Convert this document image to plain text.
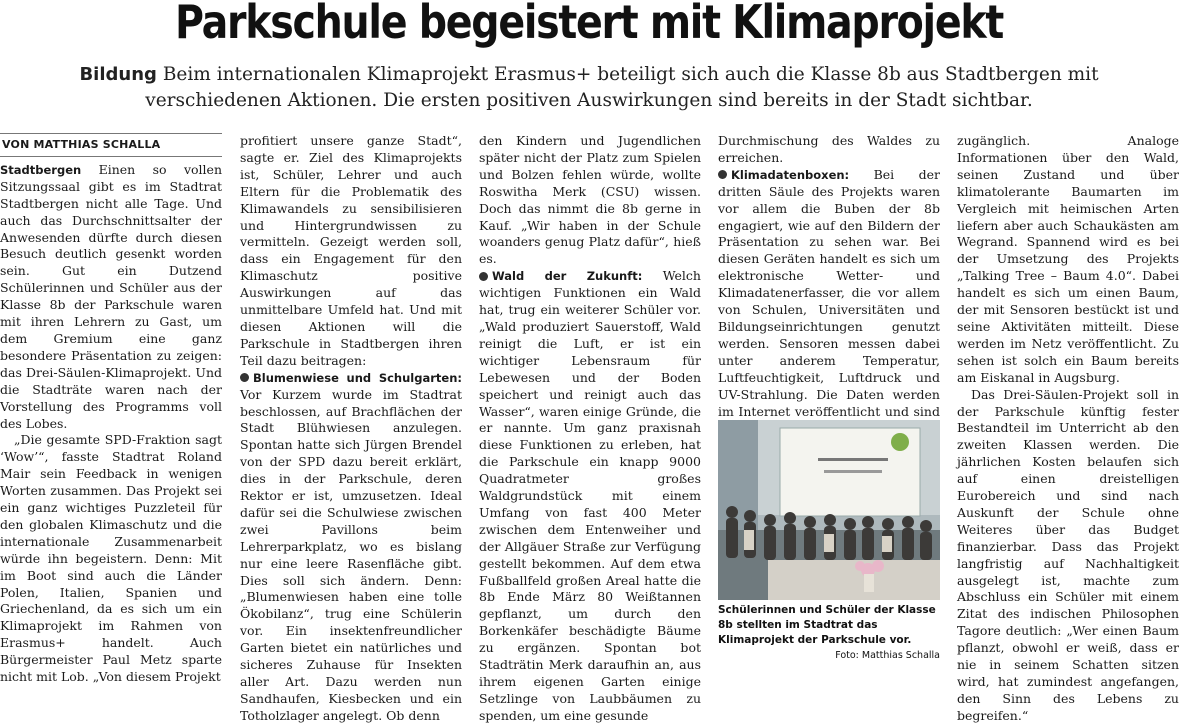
Parkschule begeistert mit Klimaprojekt
Bildung Beim internationalen Klimaprojekt Erasmus+ beteiligt sich auch die Klasse 8b aus Stadtbergen mit verschiedenen Aktionen. Die ersten positiven Auswirkungen sind bereits in der Stadt sichtbar.
VON MATTHIAS SCHALLA

Stadtbergen Einen so vollen Sitzungssaal gibt es im Stadtrat Stadtbergen nicht alle Tage. Und auch das Durchschnittsalter der Anwesenden dürfte durch diesen Besuch deutlich gesenkt worden sein. Gut ein Dutzend Schülerinnen und Schüler aus der Klasse 8b der Parkschule waren mit ihren Lehrern zu Gast, um dem Gremium eine ganz besondere Präsentation zu zeigen: das Drei-Säulen-Klimaprojekt. Und die Stadträte waren nach der Vorstellung des Programms voll des Lobes.

„Die gesamte SPD-Fraktion sagt ‘Wow’“, fasste Stadtrat Roland Mair sein Feedback in wenigen Worten zusammen. Das Projekt sei ein ganz wichtiges Puzzleteil für den globalen Klimaschutz und die internationale Zusammenarbeit würde ihn begeistern. Denn: Mit im Boot sind auch die Länder Polen, Italien, Spanien und Griechenland, da es sich um ein Klimaprojekt im Rahmen von Erasmus+ handelt. Auch Bürgermeister Paul Metz sparte nicht mit Lob. „Von diesem Projekt

profitiert unsere ganze Stadt“, sagte er. Ziel des Klimaprojekts ist, Schüler, Lehrer und auch Eltern für die Problematik des Klimawandels zu sensibilisieren und Hintergrundwissen zu vermitteln. Gezeigt werden soll, dass ein Engagement für den Klimaschutz positive Auswirkungen auf das unmittelbare Umfeld hat. Und mit diesen Aktionen will die Parkschule in Stadtbergen ihren Teil dazu beitragen:

Blumenwiese und Schulgarten: Vor Kurzem wurde im Stadtrat beschlossen, auf Brachflächen der Stadt Blühwiesen anzulegen. Spontan hatte sich Jürgen Brendel von der SPD dazu bereit erklärt, dies in der Parkschule, deren Rektor er ist, umzusetzen. Ideal dafür sei die Schulwiese zwischen zwei Pavillons beim Lehrerparkplatz, wo es bislang nur eine leere Rasenfläche gibt. Dies soll sich ändern. Denn: „Blumenwiesen haben eine tolle Ökobilanz“, trug eine Schülerin vor. Ein insektenfreundlicher Garten bietet ein natürliches und sicheres Zuhause für Insekten aller Art. Dazu werden nun Sandhaufen, Kiesbecken und ein Totholzlager angelegt. Ob denn

den Kindern und Jugendlichen später nicht der Platz zum Spielen und Bolzen fehlen würde, wollte Roswitha Merk (CSU) wissen. Doch das nimmt die 8b gerne in Kauf. „Wir haben in der Schule woanders genug Platz dafür“, hieß es.

Wald der Zukunft: Welch wichtigen Funktionen ein Wald hat, trug ein weiterer Schüler vor. „Wald produziert Sauerstoff, Wald reinigt die Luft, er ist ein wichtiger Lebensraum für Lebewesen und der Boden speichert und reinigt auch das Wasser“, waren einige Gründe, die er nannte. Um ganz praxisnah diese Funktionen zu erleben, hat die Parkschule ein knapp 9000 Quadratmeter großes Waldgrundstück mit einem Umfang von fast 400 Meter zwischen dem Entenweiher und der Allgäuer Straße zur Verfügung gestellt bekommen. Auf dem etwa Fußballfeld großen Areal hatte die 8b Ende März 80 Weißtannen gepflanzt, um durch den Borkenkäfer beschädigte Bäume zu ergänzen. Spontan bot Stadträtin Merk daraufhin an, aus ihrem eigenen Garten einige Setzlinge von Laubbäumen zu spenden, um eine gesunde

Durchmischung des Waldes zu erreichen.

Klimadatenboxen: Bei der dritten Säule des Projekts waren vor allem die Buben der 8b engagiert, wie auf den Bildern der Präsentation zu sehen war. Bei diesen Geräten handelt es sich um elektronische Wetter- und Klimadatenerfasser, die vor allem von Schulen, Universitäten und Bildungseinrichtungen genutzt werden. Sensoren messen dabei unter anderem Temperatur, Luftfeuchtigkeit, Luftdruck und UV-Strahlung. Die Daten werden im Internet veröffentlicht und sind

Schülerinnen und Schüler der Klasse 8b stellten im Stadtrat das Klimaprojekt der Parkschule vor.
Foto: Matthias Schalla

zugänglich. Analoge Informationen über den Wald, seinen Zustand und über klimatolerante Baumarten im Vergleich mit heimischen Arten liefern aber auch Schaukästen am Wegrand. Spannend wird es bei der Umsetzung des Projekts „Talking Tree – Baum 4.0“. Dabei handelt es sich um einen Baum, der mit Sensoren bestückt ist und seine Aktivitäten mitteilt. Diese werden im Netz veröffentlicht. Zu sehen ist solch ein Baum bereits am Eiskanal in Augsburg.

Das Drei-Säulen-Projekt soll in der Parkschule künftig fester Bestandteil im Unterricht ab den zweiten Klassen werden. Die jährlichen Kosten belaufen sich auf einen dreistelligen Eurobereich und sind nach Auskunft der Schule ohne Weiteres über das Budget finanzierbar. Dass das Projekt langfristig auf Nachhaltigkeit ausgelegt ist, machte zum Abschluss ein Schüler mit einem Zitat des indischen Philosophen Tagore deutlich: „Wer einen Baum pflanzt, obwohl er weiß, dass er nie in seinem Schatten sitzen wird, hat zumindest angefangen, den Sinn des Lebens zu begreifen.“
